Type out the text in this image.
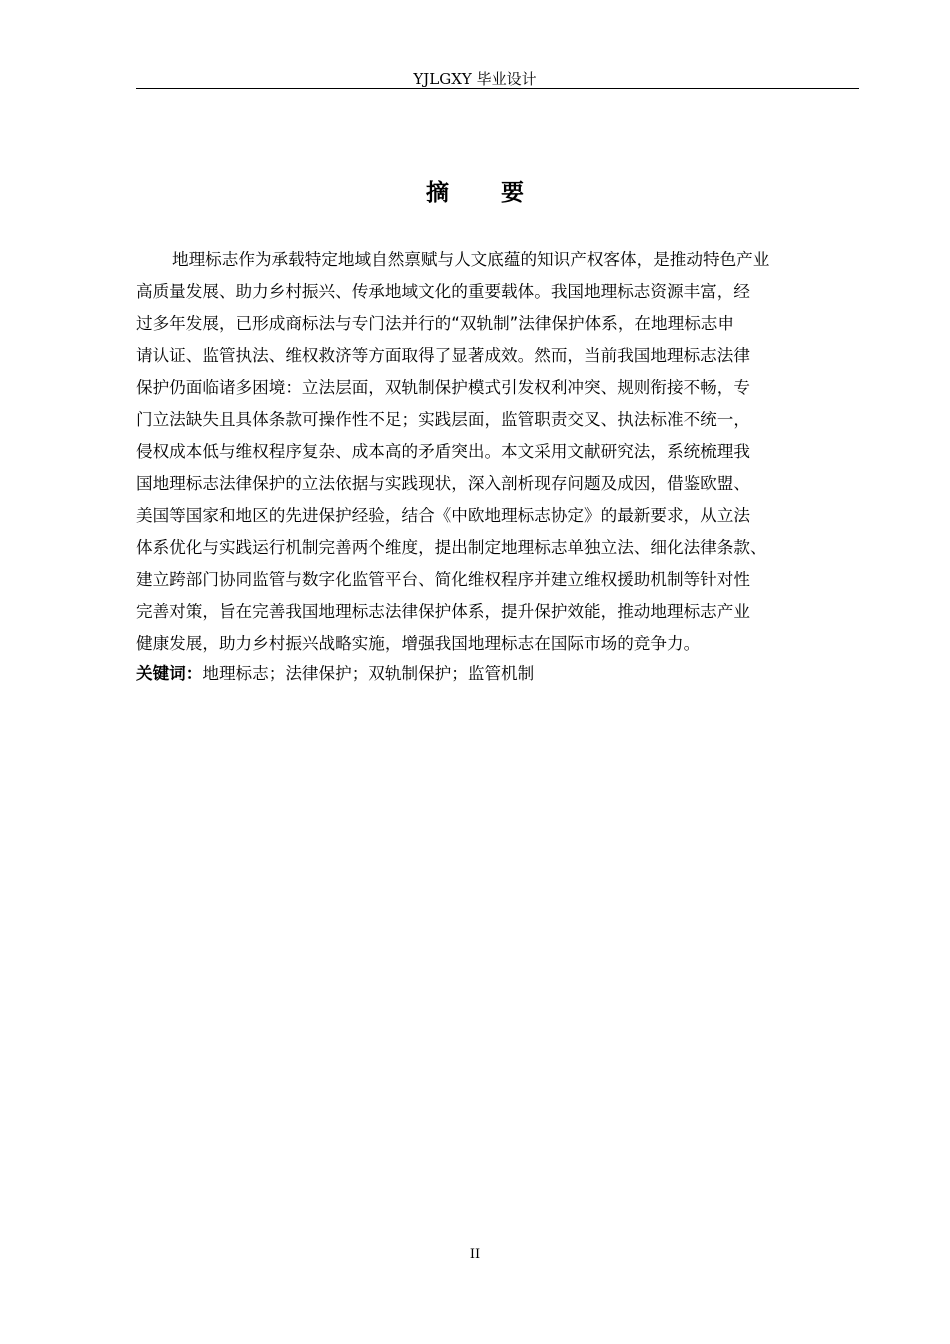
YJLGXY 毕业设计
摘 要
地理标志作为承载特定地域自然禀赋与人文底蕴的知识产权客体，是推动特色产业
高质量发展、助力乡村振兴、传承地域文化的重要载体。我国地理标志资源丰富，经
过多年发展，已形成商标法与专门法并行的“双轨制”法律保护体系，在地理标志申
请认证、监管执法、维权救济等方面取得了显著成效。然而，当前我国地理标志法律
保护仍面临诸多困境：立法层面，双轨制保护模式引发权利冲突、规则衔接不畅，专
门立法缺失且具体条款可操作性不足；实践层面，监管职责交叉、执法标准不统一，
侵权成本低与维权程序复杂、成本高的矛盾突出。本文采用文献研究法，系统梳理我
国地理标志法律保护的立法依据与实践现状，深入剖析现存问题及成因，借鉴欧盟、
美国等国家和地区的先进保护经验，结合《中欧地理标志协定》的最新要求，从立法
体系优化与实践运行机制完善两个维度，提出制定地理标志单独立法、细化法律条款、
建立跨部门协同监管与数字化监管平台、简化维权程序并建立维权援助机制等针对性
完善对策，旨在完善我国地理标志法律保护体系，提升保护效能，推动地理标志产业
健康发展，助力乡村振兴战略实施，增强我国地理标志在国际市场的竞争力。
关键词：地理标志；法律保护；双轨制保护；监管机制
II
